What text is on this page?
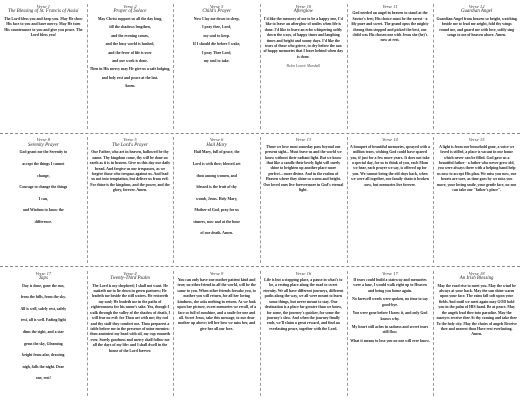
Verse 1
The Blessing of St. Francis of Assisi

The Lord bless you and keep you. May He show His face to you and have mercy. May He turn His countenance to you and give you peace. The Lord bless you!

Verse 2
Prayer of Solace

May Christ support us all the day long,

till the shadows lengthen,

and the evening comes,

and the busy world is hushed,

and the fever of life is over

and our work is done.

Then in His mercy may He give us a safe lodging,

and holy rest and peace at the last.

Amen.

Verse 3
Child's Prayer

Now I lay me down to sleep,

I pray thee, Lord,

my soul to keep.

If I should die before I wake,

I pray Thee Lord,

my soul to take.

Verse 10
Afterglow

I'd like the memory of me to be a happy one, I'd like to leave an afterglow of smiles when life is done. I'd like to leave an echo whispering softly down the ways, of happy times and laughing times and bright and sunny days. I'd like the tears of those who grieve, to dry before the sun of happy memories that I leave behind when day is done.

Helen Lowrie Marshall
Verse 11

God needed an angel in heaven to stand at the Savior's feet; His choice must be the rarest - a lily pure and sweet. The grand opus the mighty throng then stopped and picked the best, our child was His chosen one with Jesus she (he)'s now at rest.

Verse 12
Guardian Angel

Guardian Angel from heaven so bright, watching beside me to lead me aright, fold thy wings round me, and guard me with love, softly sing songs to me of heaven above. Amen.

Verse 8
Serenity Prayer

God grant me the Serenity to

accept the things I cannot

change,

Courage to change the things

I can,

and Wisdom to know the

difference.

Verse 5
The Lord's Prayer

Our Father, who art in heaven, hallowed be thy name. Thy kingdom come, thy will be done on earth as it is in heaven. Give us this day our daily bread. And forgive us our trespasses, as we forgive those who trespass against us. And lead us not into temptation, but deliver us from evil. For thine is the kingdom, and the power, and the glory, forever. Amen.

Verse 6
Hail Mary

Hail Mary, full of grace, the

Lord is with thee; blessed art

thou among women, and

blessed is the fruit of thy

womb, Jesus. Holy Mary,

Mother of God, pray for us

sinners, now and at the hour

of our death. Amen.

Verse 13

Those we love most someday pass beyond our present sight... Must leave us and the world we know without their radiant light. But we know that like a candle their lovely light will surely shine to brighten up another place more perfect... more divine. And in the realms of Heaven where they shine so warm and bright. Our loved ones live forevermore in God's eternal light.

Verse 14

A bouquet of beautiful memories, sprayed with a million tears, wishing God could have spared you, if just for a few more years. It does not take a special day, for us to think of you, each Mom we hear, each prayer we say, is offered up for you. We cannot bring the old days back, when we were all together, our family chain is broken now, but memories live forever.

Verse 15

A light is from our household gone, a voice we loved is stilled, a place is vacant in our home which never can be filled. God gave us a beautiful father - a father who never grew old, you were always there with a helping hand help us now to accept His plan. We miss you now, our hearts are sore, as time goes by we miss you more, your loving smile, your gentle face, no one can take our "father's place".

Verse 17
Taps

Day is done, gone the sun,

from the hills, from the sky.

All is well, safely rest, safely

rest, all is well. Fading light

dims the sight, and a star

gems the sky, Gleaming

bright from afar, drawing

nigh, falls the night. Dear

one, rest!

Verse 4
Twenty-Third Psalm

The Lord is my shepherd; I shall not want. He maketh me to lie down in green pastures; He leadeth me beside the still waters. He restoreth my soul; He leadeth me in the paths of righteousness for his name's sake. Yea, though I walk through the valley of the shadow of death, I will fear no evil: for Thou art with me; thy rod and thy staff they comfort me. Thou preparest a table before me in the presence of mine enemies: thou anointest my head with oil, my cup runneth over. Surely goodness and mercy shall follow me all the days of my life: and I shall dwell in the house of the Lord forever.

Verse 9

You can only have one mother patient kind and true; no other friend in all the world, will be the same to you. When other friends forsake you, to mother you will return, for all her loving kindness, she asks nothing in return. As we look upon her picture, sweet memories we recall, of a face so full of sunshine, and a smile for one and all. Sweet Jesus, take this message, to our dear mother up above; tell her how we miss her, and give her all our love.

Verse 16

Life is but a stopping place, a pause in what's to be, a resting place along the road to sweet eternity. We all have different journeys, different paths along the way, we all were meant to learn some things, but never meant to stay. Our destination is a place far greater than we know, for some, the journey's quicker, for some the journey's slow. And when the journey finally ends, we'll claim a great reward, and find an everlasting peace, together with the Lord.

Verse 17

If tears could build a stairway and memories were a lane, I would walk right up to Heaven and bring you home again.

No farewell words were spoken, no time to say good-bye.

You were gone before I knew it, and only God knows why.

My heart still aches in sadness and secret tears still flow.

What it means to lose you no one will ever know.

Verse 18
An Irish Blessing

May the road rise to meet you. May the wind be always at your back. May the sun shine warm upon your face. The rains fall soft upon your fields And until we meet again may GOD hold you in the palm of HIS hand. Be at peace. May the angels lead thee into paradise. May the martyrs receive thee At thy coming and take thee To the holy city. May the choirs of angels Receive thee and nearest thou Have rest everlasting. Amen.
